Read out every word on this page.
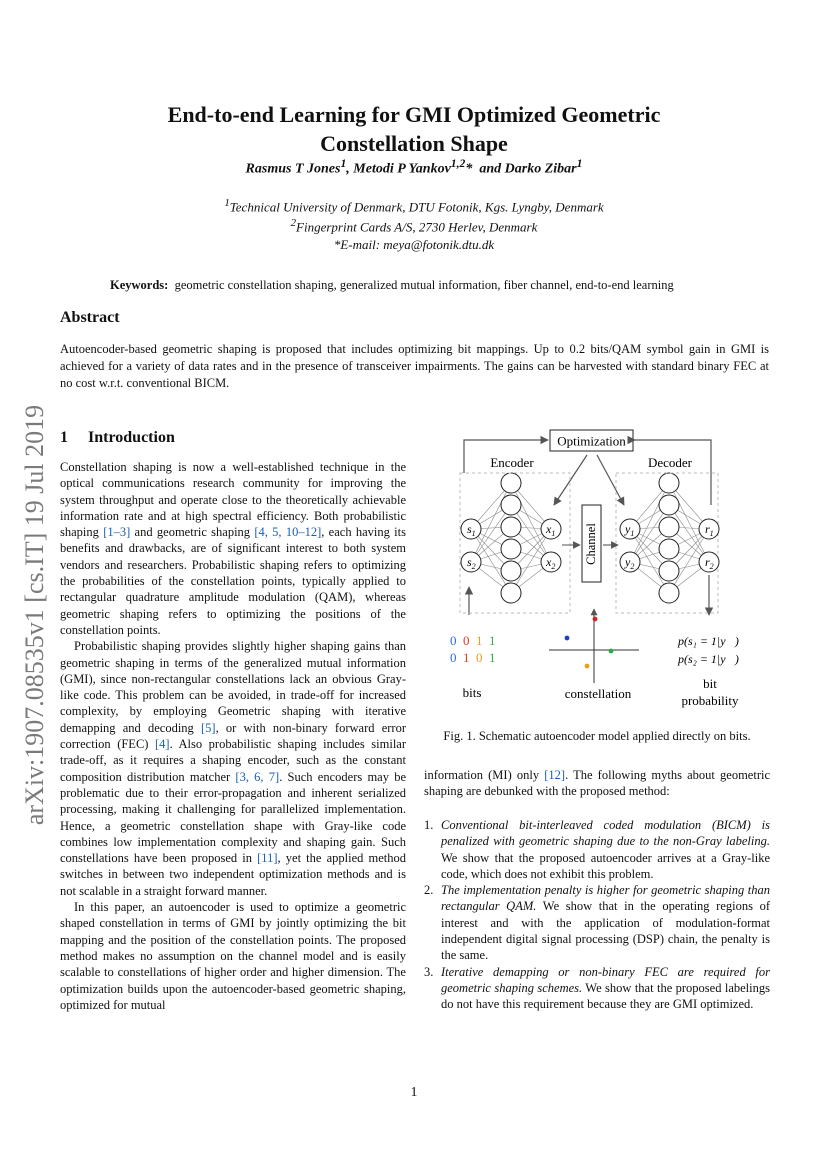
End-to-end Learning for GMI Optimized Geometric
Constellation Shape
Rasmus T Jones$^1$, Metodi P Yankov$^{1,2}$* and Darko Zibar$^1$
$^1$Technical University of Denmark, DTU Fotonik, Kgs. Lyngby, Denmark
$^2$Fingerprint Cards A/S, 2730 Herlev, Denmark
*E-mail: meya@fotonik.dtu.dk
Keywords: geometric constellation shaping, generalized mutual information, fiber channel, end-to-end learning
Abstract
Autoencoder-based geometric shaping is proposed that includes optimizing bit mappings. Up to 0.2 bits/QAM symbol gain in GMI is achieved for a variety of data rates and in the presence of transceiver impairments. The gains can be harvested with standard binary FEC at no cost w.r.t. conventional BICM.
1 Introduction

Constellation shaping is now a well-established technique in the optical communications research community for improving the system throughput and operate close to the theoretically achievable information rate and at high spectral efficiency. Both probabilistic shaping [1–3] and geometric shaping [4, 5, 10–12], each having its benefits and drawbacks, are of significant interest to both system vendors and researchers. Probabilistic shaping refers to optimizing the probabilities of the constellation points, typically applied to rectangular quadrature amplitude modulation (QAM), whereas geometric shaping refers to optimizing the positions of the constellation points.

Probabilistic shaping provides slightly higher shaping gains than geometric shaping in terms of the generalized mutual information (GMI), since non-rectangular constellations lack an obvious Gray-like code. This problem can be avoided, in trade-off for increased complexity, by employing Geometric shaping with iterative demapping and decoding [5], or with non-binary forward error correction (FEC) [4]. Also probabilistic shaping includes similar trade-off, as it requires a shaping encoder, such as the constant composition distribution matcher [3, 6, 7]. Such encoders may be problematic due to their error-propagation and inherent serialized processing, making it challenging for parallelized implementation. Hence, a geometric constellation shape with Gray-like code combines low implementation complexity and shaping gain. Such constellations have been proposed in [11], yet the applied method switches in between two independent optimization methods and is not scalable in a straight forward manner.

In this paper, an autoencoder is used to optimize a geometric shaped constellation in terms of GMI by jointly optimizing the bit mapping and the position of the constellation points. The proposed method makes no assumption on the channel model and is easily scalable to constellations of higher order and higher dimension. The optimization builds upon the autoencoder-based geometric shaping, optimized for mutual

Optimization
Encoder	Decoder
Channel
$s_1$
$s_2$
$x_1$
$x_2$
$y_1$
$y_2$
$r_1$
$r_2$
0 0 1 1
0 1 0 1
p(s₁ = 1|y⃗)
p(s₂ = 1|y⃗)
bits	constellation
bit
probability
Fig. 1. Schematic autoencoder model applied directly on bits.

information (MI) only [12]. The following myths about geometric shaping are debunked with the proposed method:

1. Conventional bit-interleaved coded modulation (BICM) is penalized with geometric shaping due to the non-Gray labeling. We show that the proposed autoencoder arrives at a Gray-like code, which does not exhibit this problem.
2. The implementation penalty is higher for geometric shaping than rectangular QAM. We show that in the operating regions of interest and with the application of modulation-format independent digital signal processing (DSP) chain, the penalty is the same.
3. Iterative demapping or non-binary FEC are required for geometric shaping schemes. We show that the proposed labelings do not have this requirement because they are GMI optimized.
1
arXiv:1907.08535v1 [cs.IT] 19 Jul 2019
